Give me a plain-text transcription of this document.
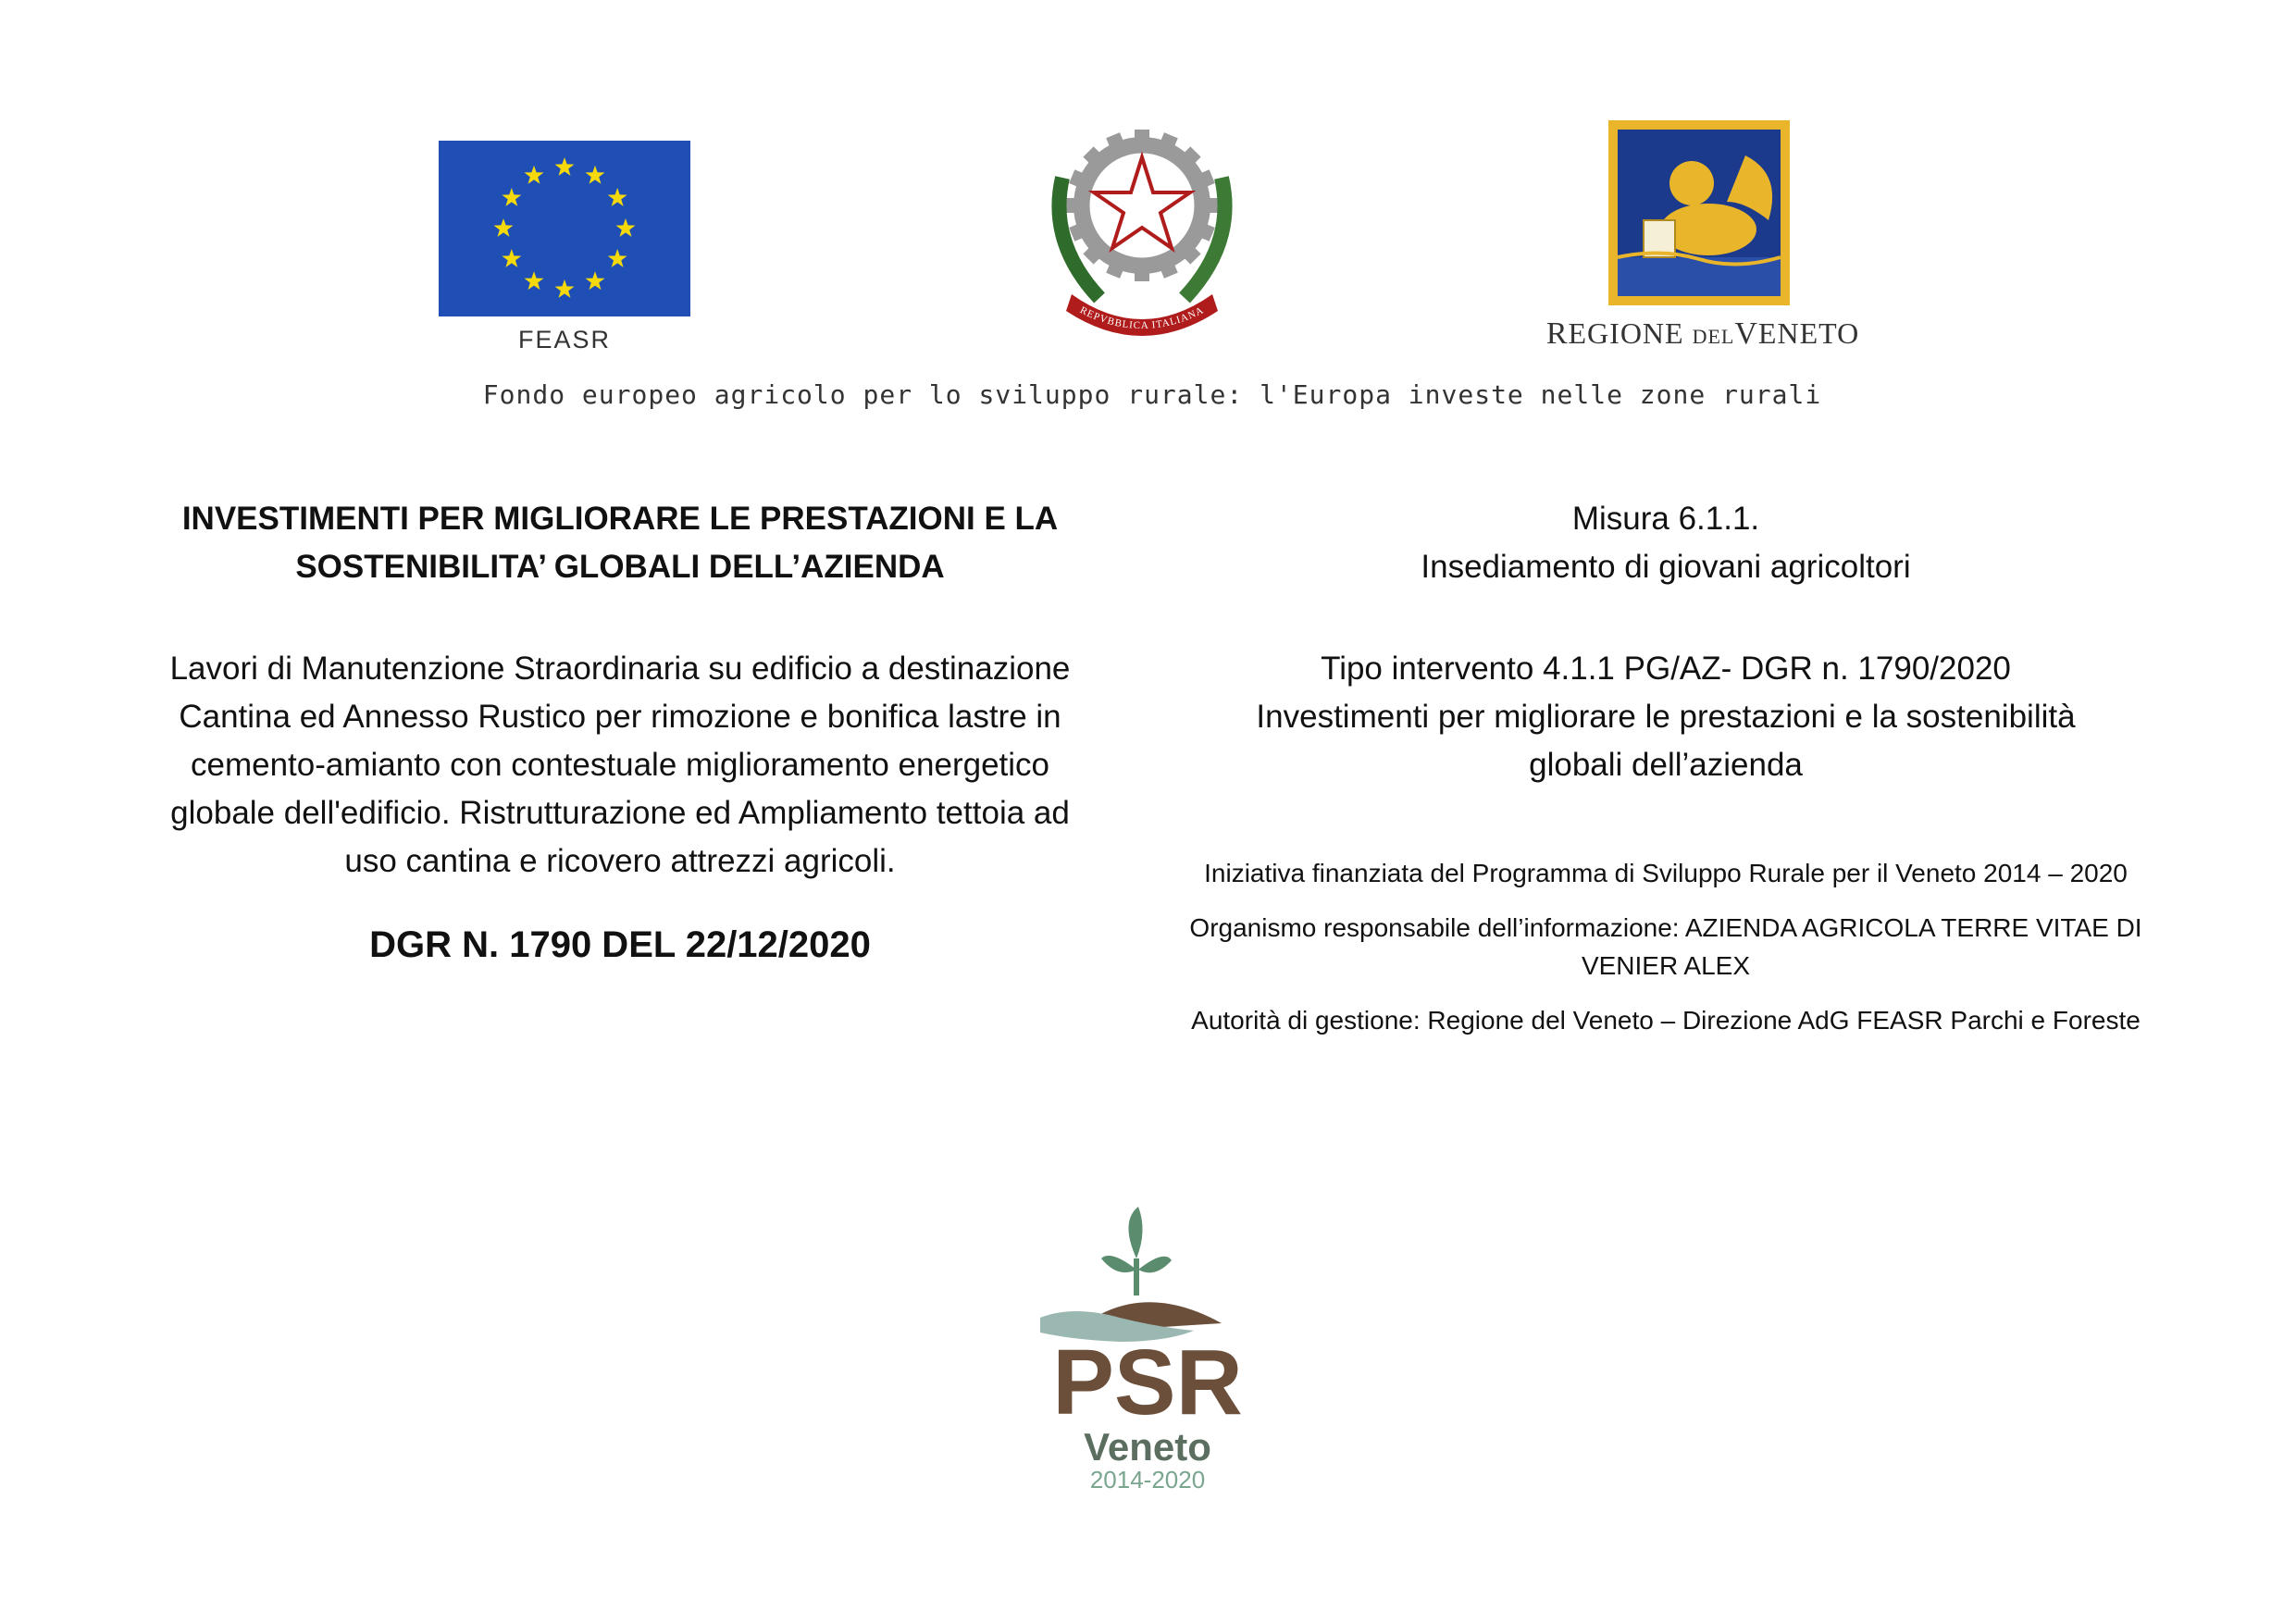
FEASR
REPVBBLICA ITALIANA
REGIONE DELVENETO
Fondo europeo agricolo per lo sviluppo rurale: l'Europa investe nelle zone rurali
INVESTIMENTI PER MIGLIORARE LE PRESTAZIONI E LA
SOSTENIBILITA’ GLOBALI DELL’AZIENDA
Lavori di Manutenzione Straordinaria su edificio a destinazione
Cantina ed Annesso Rustico per rimozione e bonifica lastre in
cemento-amianto con contestuale miglioramento energetico
globale dell'edificio. Ristrutturazione ed Ampliamento tettoia ad
uso cantina e ricovero attrezzi agricoli.
DGR N. 1790 DEL 22/12/2020
Misura 6.1.1.
Insediamento di giovani agricoltori
Tipo intervento 4.1.1 PG/AZ- DGR n. 1790/2020
Investimenti per migliorare le prestazioni e la sostenibilità
globali dell’azienda

Iniziativa finanziata del Programma di Sviluppo Rurale per il Veneto 2014 – 2020

Organismo responsabile dell’informazione: AZIENDA AGRICOLA TERRE VITAE DI
VENIER ALEX

Autorità di gestione: Regione del Veneto – Direzione AdG FEASR Parchi e Foreste

PSR
Veneto
2014-2020
